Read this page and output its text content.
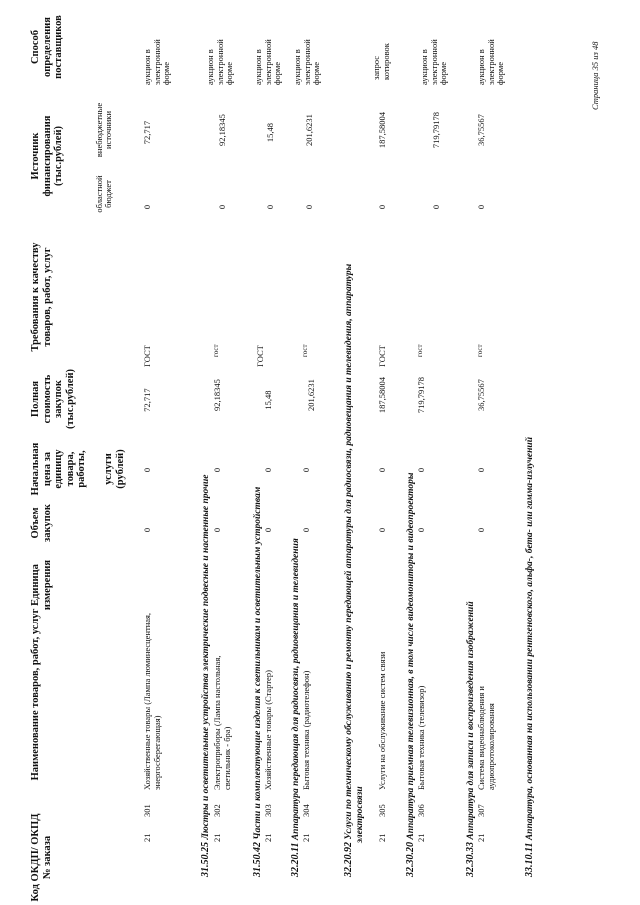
Код ОКДП/ ОКПД № заказа
Наименование товаров, работ, услуг
Единица измерения
Объем закупок
Начальная цена за единицу товара, работы, услуги (рублей)
Полная стоимость закупок (тыс.рублей)
Требования к качеству товаров, работ, услуг
Источник финансирования (тыс.рублей)
областной бюджет
внебюджетные источники
Способ определения поставщиков
21
301
Хозяйственные товары (Лампа люминесцентная, энергосберегающая)
0
0
72,717
ГОСТ
0
72,717
аукцион в электронной форме
31.50.25 Люстры и осветительные устройства электрические подвесные и настенные прочие 21
302
Электроприборы (Лампа настольная, светильник - бра)
0
0
92,18345
гост
0
92,18345
аукцион в электронной форме
31.50.42 Части и комплектующие изделия к светильникам и осветительным устройствам 21
303
Хозяйственные товары (Стартер)
0
0
15,48
ГОСТ
0
15,48
аукцион в электронной форме
32.20.11 Аппаратура передающая для радиосвязи, радиовещания и телевидения 21
304
Бытовая техника (радиотелефон)
0
0
201,6231
гост
0
201,6231
аукцион в электронной форме
32.20.92 Услуги по техническому обслуживанию и ремонту передающей аппаратуры для радиосвязи, радиовещания и телевидения, аппаратуры электросвязи 21
305
Услуги на обслуживание систем связи
0
0
187,58004
ГОСТ
0
187,58004
запрос котировок
32.30.20 Аппаратура приемная телевизионная, в том числе видеомониторы и видеопроекторы 21
306
Бытовая техника (телевизор)
0
0
719,79178
гост
0
719,79178
аукцион в электронной форме
32.30.33 Аппаратура для записи и воспроизведения изображений 21
307
Система видеонаблюдения и аудиопротоколирования
0
0
36,75567
гост
0
36,75567
аукцион в электронной форме
33.10.11 Аппаратура, основанная на использовании рентгеновского, альфа-, бета- или гамма-излучений
Страница 35 из 48
